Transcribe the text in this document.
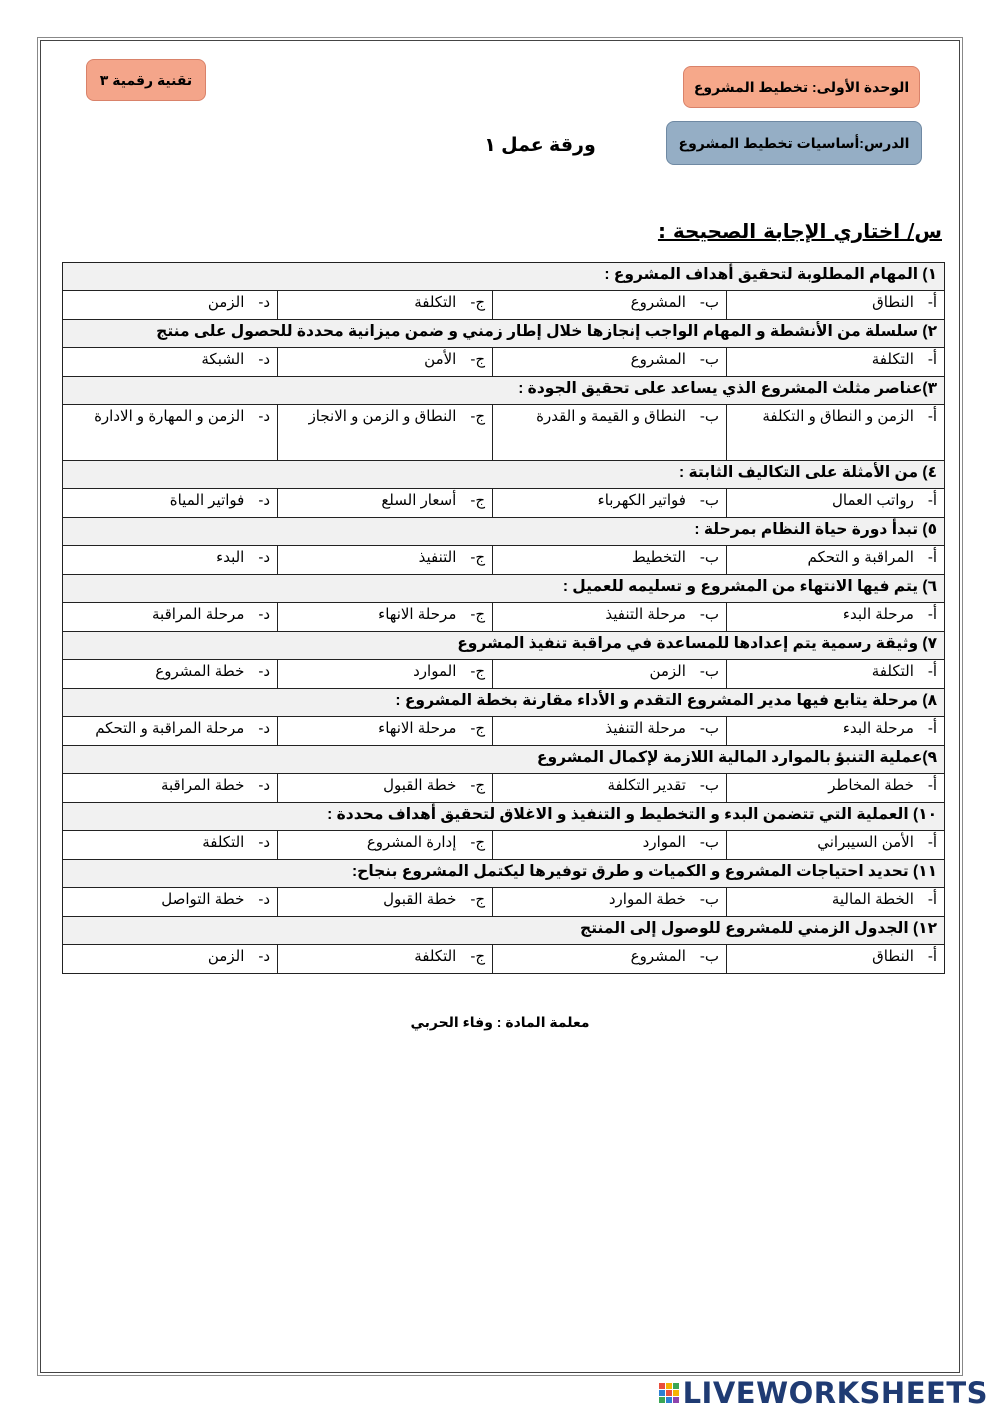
تقنية رقمية ٣	الوحدة الأولى: تخطيط المشروع
الدرس:أساسيات تخطيط المشروع
ورقة عمل ١
س/ اختاري الإجابة الصحيحة :
١) المهام المطلوبة لتحقيق أهداف المشروع :			
أ-النطاق	ب-المشروع	ج-التكلفة	د-الزمن
٢) سلسلة من الأنشطة و المهام الواجب إنجازها خلال إطار زمني و ضمن ميزانية محددة للحصول على منتج			
أ-التكلفة	ب-المشروع	ج-الأمن	د-الشبكة
٣)عناصر مثلث المشروع الذي يساعد على تحقيق الجودة :			
أ-الزمن و النطاق و التكلفة	ب-النطاق و القيمة و القدرة	ج-النطاق و الزمن و الانجاز	د-الزمن و المهارة و الادارة
٤) من الأمثلة على التكاليف الثابتة :			
أ-رواتب العمال	ب-فواتير الكهرباء	ج-أسعار السلع	د-فواتير المياة
٥) تبدأ دورة حياة النظام بمرحلة :			
أ-المراقبة و التحكم	ب-التخطيط	ج-التنفيذ	د-البدء
٦) يتم فيها الانتهاء من المشروع و تسليمه للعميل :			
أ-مرحلة البدء	ب-مرحلة التنفيذ	ج-مرحلة الانهاء	د-مرحلة المراقبة
٧) وثيقة رسمية يتم إعدادها للمساعدة في مراقبة تنفيذ المشروع			
أ-التكلفة	ب-الزمن	ج-الموارد	د-خطة المشروع
٨) مرحلة يتابع فيها مدير المشروع التقدم و الأداء مقارنة بخطة المشروع :			
أ-مرحلة البدء	ب-مرحلة التنفيذ	ج-مرحلة الانهاء	د-مرحلة المراقبة و التحكم
٩)عملية التنبؤ بالموارد المالية اللازمة لإكمال المشروع			
أ-خطة المخاطر	ب-تقدير التكلفة	ج-خطة القبول	د-خطة المراقبة
١٠) العملية التي تتضمن البدء و التخطيط و التنفيذ و الاغلاق لتحقيق أهداف محددة :			
أ-الأمن السيبراني	ب-الموارد	ج-إدارة المشروع	د-التكلفة
١١) تحديد احتياجات المشروع و الكميات و طرق توفيرها ليكتمل المشروع بنجاح:			
أ-الخطة المالية	ب-خطة الموارد	ج-خطة القبول	د-خطة التواصل
١٢) الجدول الزمني للمشروع للوصول إلى المنتج			
أ-النطاق	ب-المشروع	ج-التكلفة	د-الزمن
معلمة المادة : وفاء الحربي
LIVEWORKSHEETS
